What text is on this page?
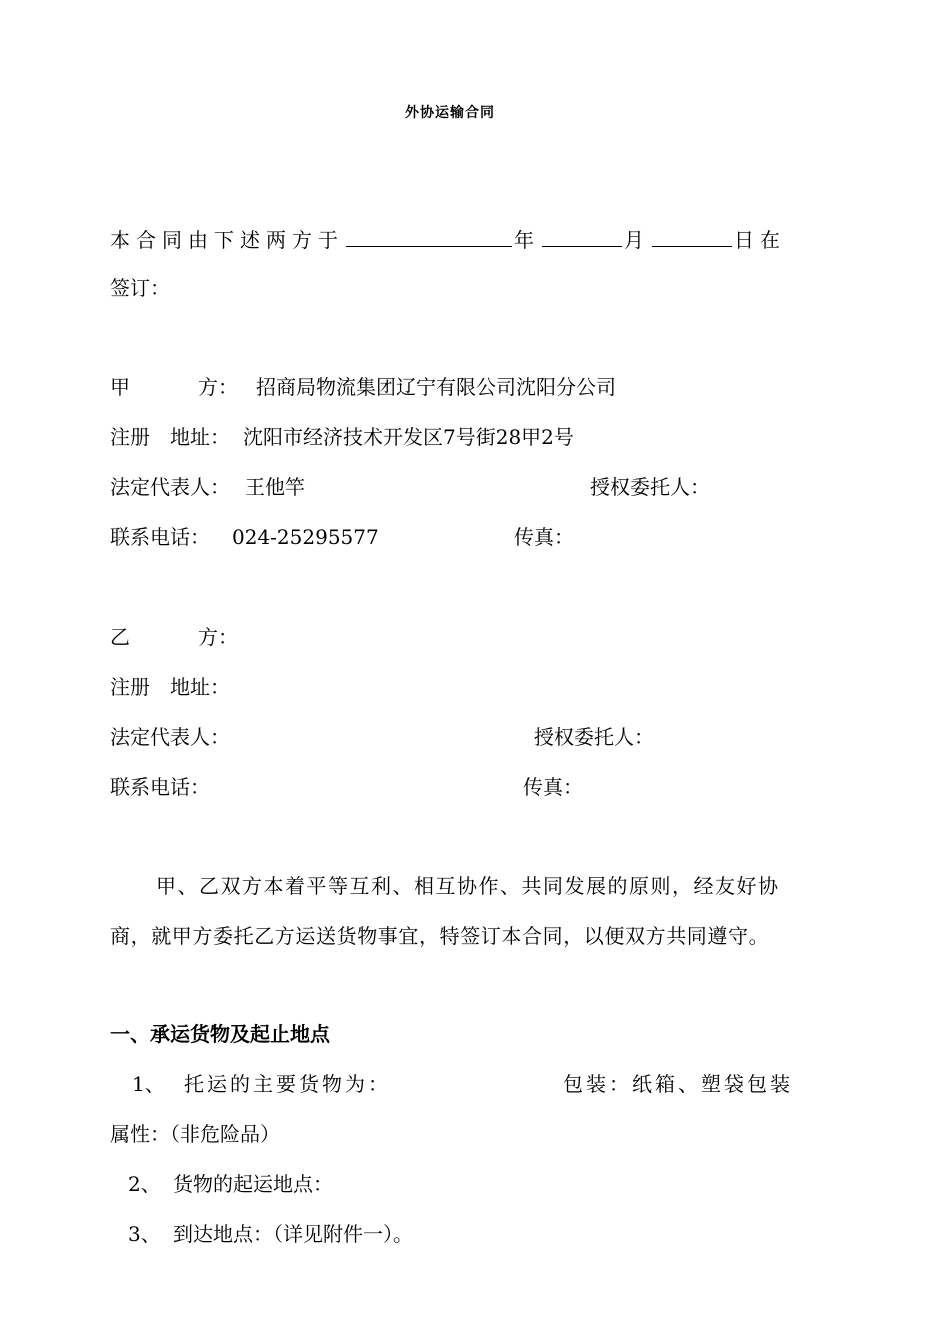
外协运输合同
本合同由下述两方于	年	月	日在
签订：
甲	方： 招商局物流集团辽宁有限公司沈阳分公司
注册　地址： 沈阳市经济技术开发区7号街28甲2号
法定代表人： 王他竿	授权委托人：
联系电话： 024-25295577	传真：
乙	方：
注册　地址：
法定代表人：	授权委托人：
联系电话：	传真：
甲、乙双方本着平等互利、相互协作、共同发展的原则，经友好协
商，就甲方委托乙方运送货物事宜，特签订本合同，以便双方共同遵守。
一、承运货物及起止地点
1、 托运的主要货物为：	包装：纸箱、塑袋包装
属性：（非危险品）
2、 货物的起运地点：
3、 到达地点：（详见附件一）。
